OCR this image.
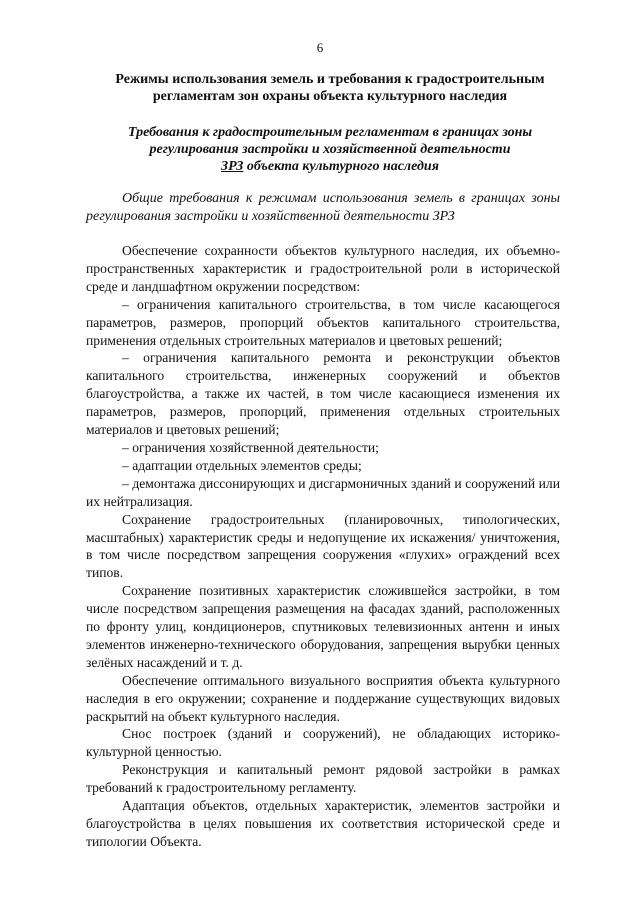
6
Режимы использования земель и требования к градостроительным
регламентам зон охраны объекта культурного наследия
Требования к градостроительным регламентам в границах зоны
регулирования застройки и хозяйственной деятельности
ЗРЗ объекта культурного наследия
Общие требования к режимам использования земель в границах зоны регулирования застройки и хозяйственной деятельности ЗРЗ

Обеспечение сохранности объектов культурного наследия, их объемно-пространственных характеристик и градостроительной роли в исторической среде и ландшафтном окружении посредством:

– ограничения капитального строительства, в том числе касающегося параметров, размеров, пропорций объектов капитального строительства, применения отдельных строительных материалов и цветовых решений;

– ограничения капитального ремонта и реконструкции объектов капитального строительства, инженерных сооружений и объектов благоустройства, а также их частей, в том числе касающиеся изменения их параметров, размеров, пропорций, применения отдельных строительных материалов и цветовых решений;

– ограничения хозяйственной деятельности;

– адаптации отдельных элементов среды;

– демонтажа диссонирующих и дисгармоничных зданий и сооружений или их нейтрализация.

Сохранение градостроительных (планировочных, типологических, масштабных) характеристик среды и недопущение их искажения/ уничтожения, в том числе посредством запрещения сооружения «глухих» ограждений всех типов.

Сохранение позитивных характеристик сложившейся застройки, в том числе посредством запрещения размещения на фасадах зданий, расположенных по фронту улиц, кондиционеров, спутниковых телевизионных антенн и иных элементов инженерно-технического оборудования, запрещения вырубки ценных зелёных насаждений и т. д.

Обеспечение оптимального визуального восприятия объекта культурного наследия в его окружении; сохранение и поддержание существующих видовых раскрытий на объект культурного наследия.

Снос построек (зданий и сооружений), не обладающих историко-культурной ценностью.

Реконструкция и капитальный ремонт рядовой застройки в рамках требований к градостроительному регламенту.

Адаптация объектов, отдельных характеристик, элементов застройки и благоустройства в целях повышения их соответствия исторической среде и типологии Объекта.
